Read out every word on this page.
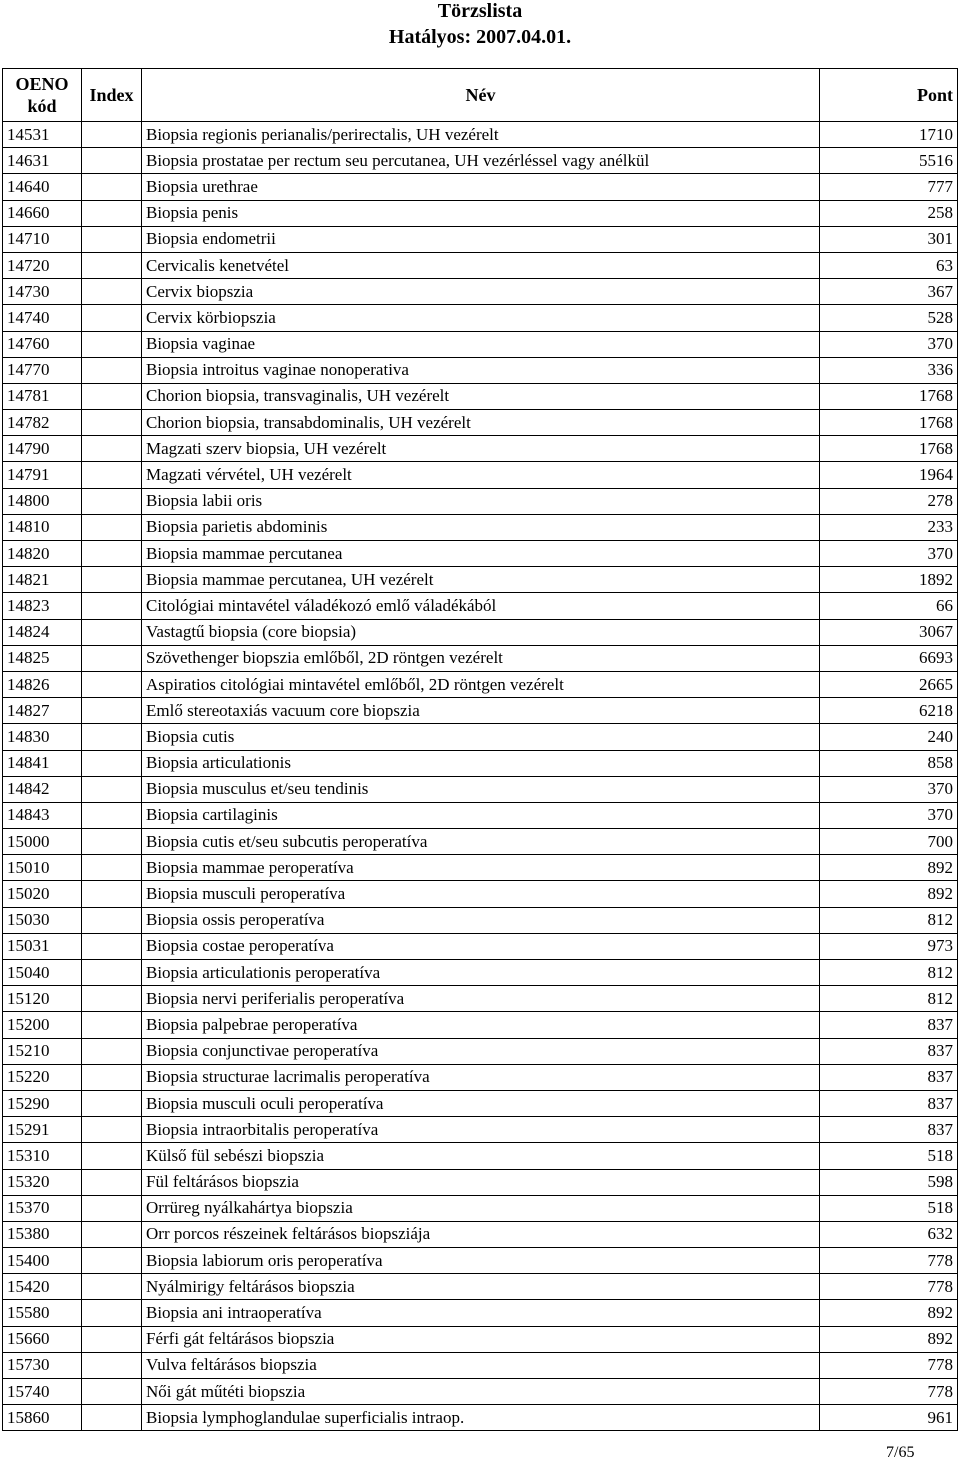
Törzslista
Hatályos: 2007.04.01.
OENO
kód	Index	Név	Pont
14531		Biopsia regionis perianalis/perirectalis, UH vezérelt	1710
14631		Biopsia prostatae per rectum seu percutanea, UH vezérléssel vagy anélkül	5516
14640		Biopsia urethrae	777
14660		Biopsia penis	258
14710		Biopsia endometrii	301
14720		Cervicalis kenetvétel	63
14730		Cervix biopszia	367
14740		Cervix körbiopszia	528
14760		Biopsia vaginae	370
14770		Biopsia introitus vaginae nonoperativa	336
14781		Chorion biopsia, transvaginalis, UH vezérelt	1768
14782		Chorion biopsia, transabdominalis, UH vezérelt	1768
14790		Magzati szerv biopsia, UH vezérelt	1768
14791		Magzati vérvétel, UH vezérelt	1964
14800		Biopsia labii oris	278
14810		Biopsia parietis abdominis	233
14820		Biopsia mammae percutanea	370
14821		Biopsia mammae percutanea, UH vezérelt	1892
14823		Citológiai mintavétel váladékozó emlő váladékából	66
14824		Vastagtű biopsia (core biopsia)	3067
14825		Szövethenger biopszia emlőből, 2D röntgen vezérelt	6693
14826		Aspiratios citológiai mintavétel emlőből, 2D röntgen vezérelt	2665
14827		Emlő stereotaxiás vacuum core biopszia	6218
14830		Biopsia cutis	240
14841		Biopsia articulationis	858
14842		Biopsia musculus et/seu tendinis	370
14843		Biopsia cartilaginis	370
15000		Biopsia cutis et/seu subcutis peroperatíva	700
15010		Biopsia mammae peroperatíva	892
15020		Biopsia musculi peroperatíva	892
15030		Biopsia ossis peroperatíva	812
15031		Biopsia costae peroperatíva	973
15040		Biopsia articulationis peroperatíva	812
15120		Biopsia nervi periferialis peroperatíva	812
15200		Biopsia palpebrae peroperatíva	837
15210		Biopsia conjunctivae peroperatíva	837
15220		Biopsia structurae lacrimalis peroperatíva	837
15290		Biopsia musculi oculi peroperatíva	837
15291		Biopsia intraorbitalis peroperatíva	837
15310		Külső fül sebészi biopszia	518
15320		Fül feltárásos biopszia	598
15370		Orrüreg nyálkahártya biopszia	518
15380		Orr porcos részeinek feltárásos biopsziája	632
15400		Biopsia labiorum oris peroperatíva	778
15420		Nyálmirigy feltárásos biopszia	778
15580		Biopsia ani intraoperatíva	892
15660		Férfi gát feltárásos biopszia	892
15730		Vulva feltárásos biopszia	778
15740		Női gát műtéti biopszia	778
15860		Biopsia lymphoglandulae superficialis intraop.	961
7/65
